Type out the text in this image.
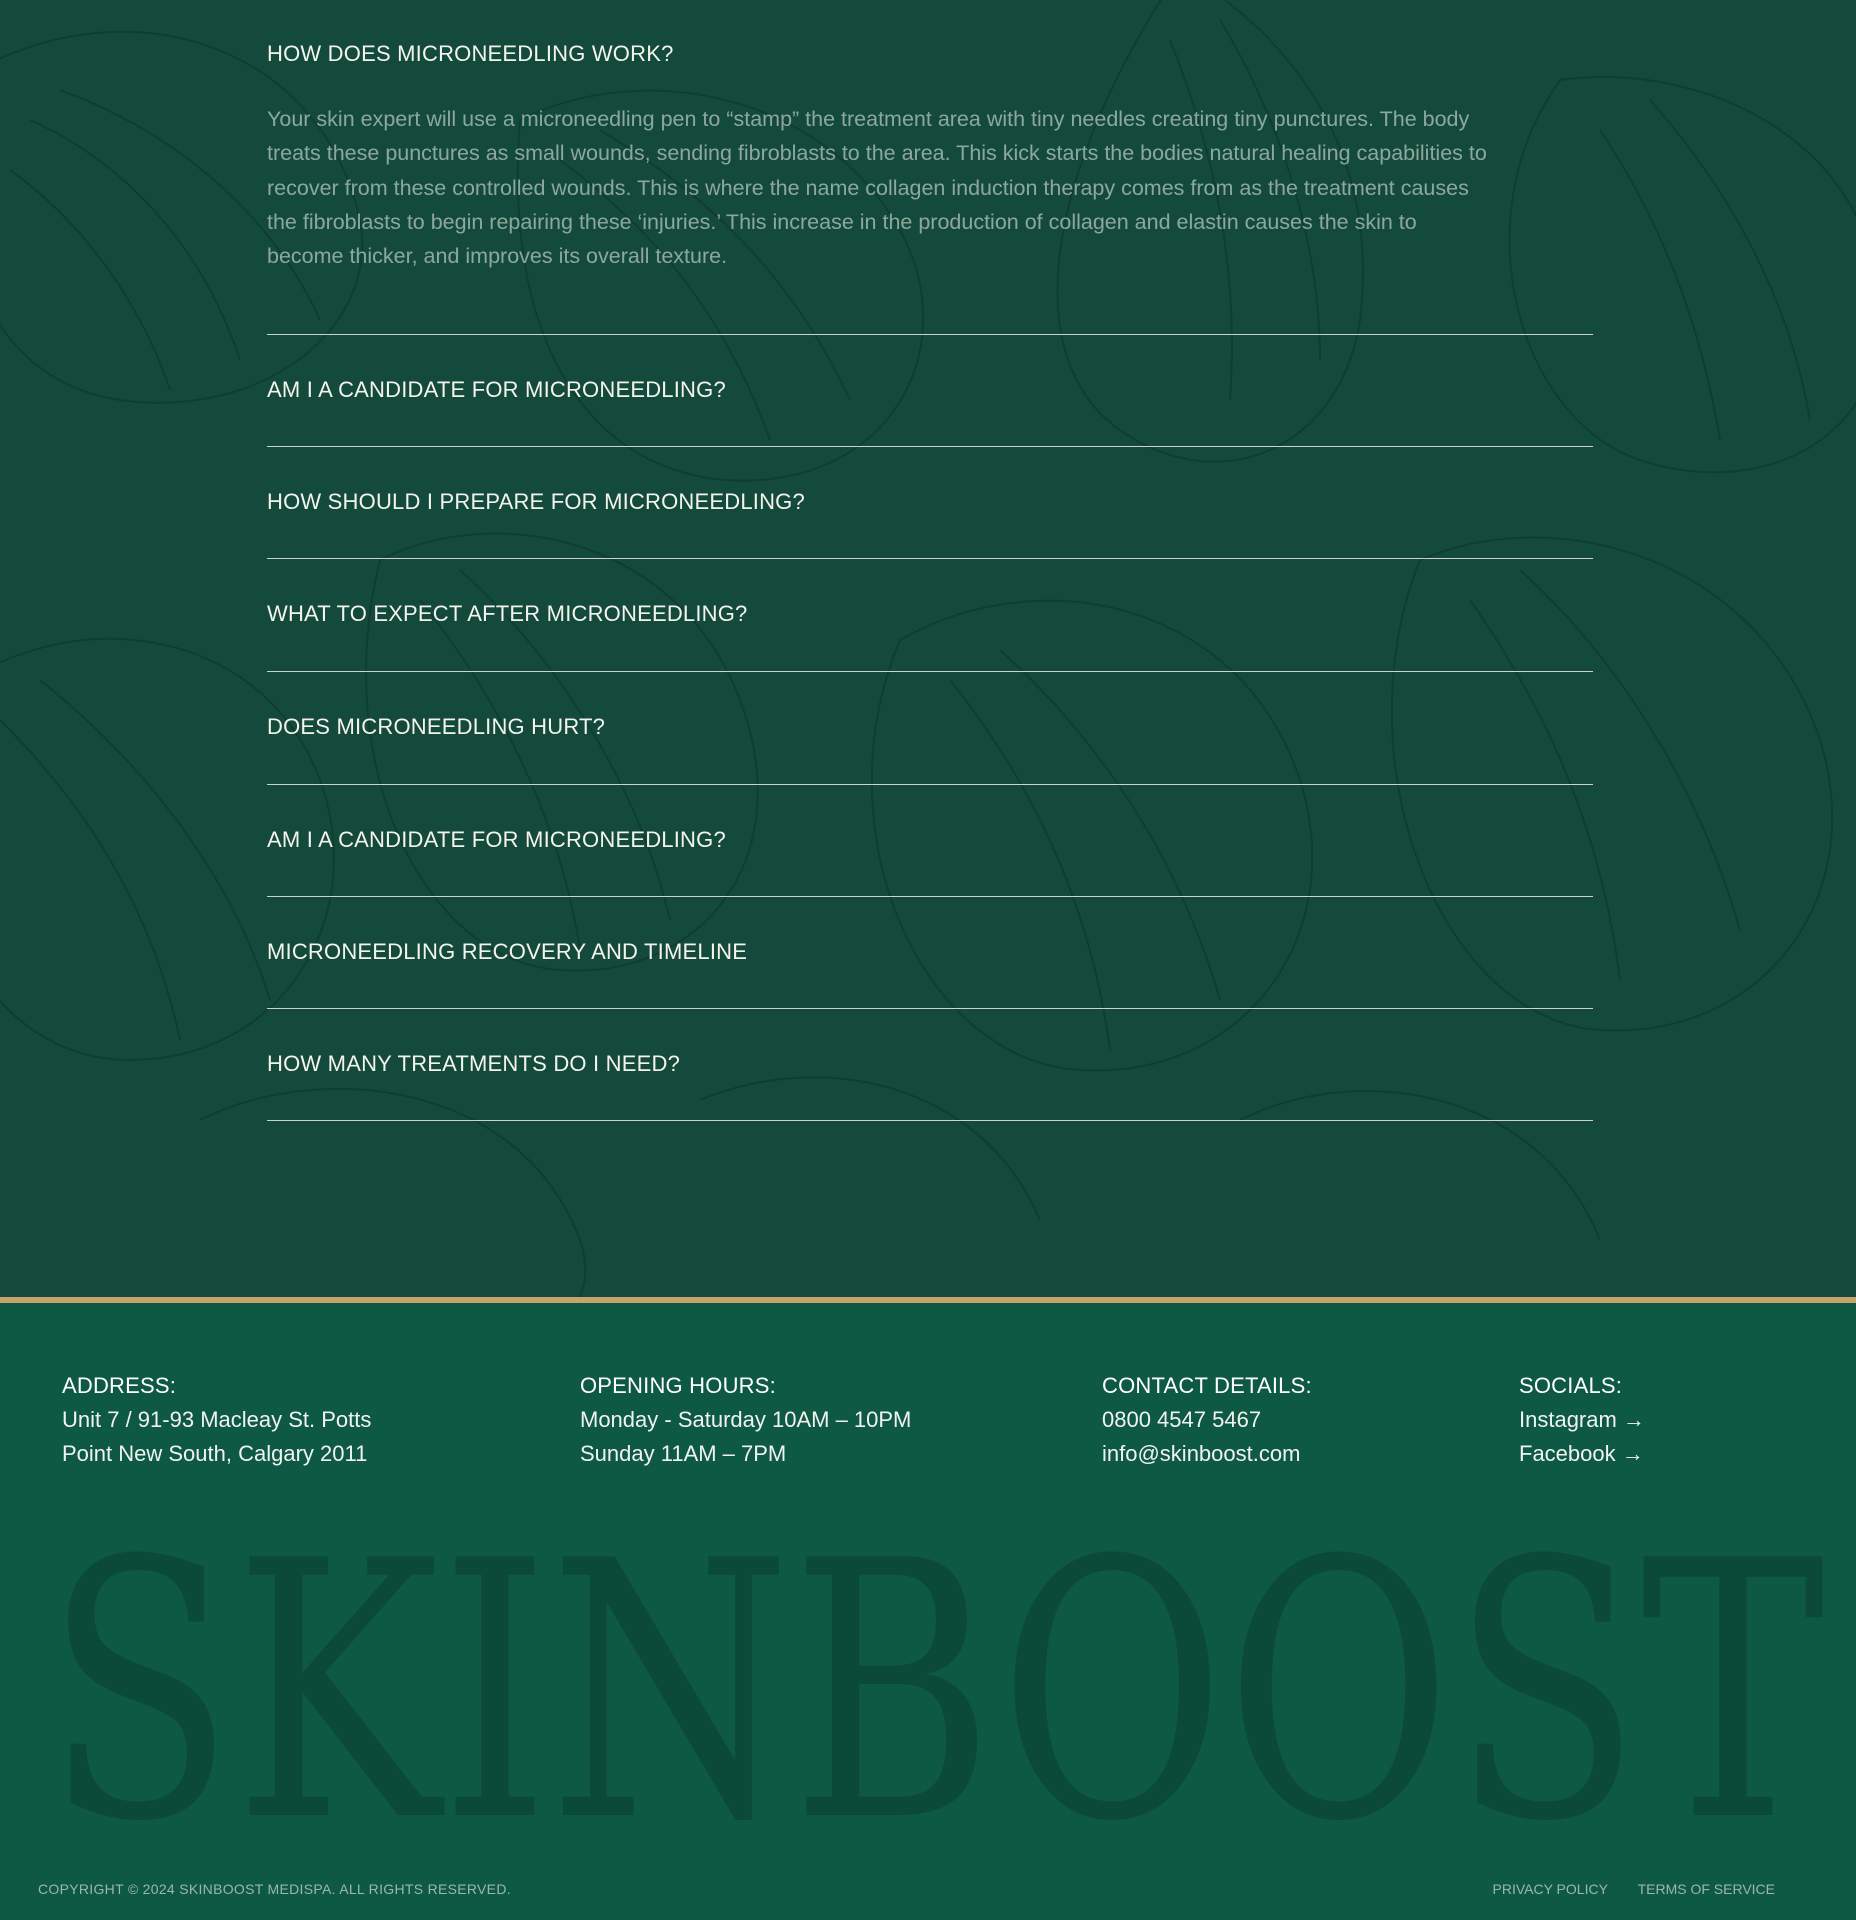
HOW DOES MICRONEEDLING WORK?

Your skin expert will use a microneedling pen to “stamp” the treatment area with tiny needles creating tiny punctures. The body treats these punctures as small wounds, sending fibroblasts to the area. This kick starts the bodies natural healing capabilities to recover from these controlled wounds. This is where the name collagen induction therapy comes from as the treatment causes the fibroblasts to begin repairing these ‘injuries.’ This increase in the production of collagen and elastin causes the skin to become thicker, and improves its overall texture.

AM I A CANDIDATE FOR MICRONEEDLING?
HOW SHOULD I PREPARE FOR MICRONEEDLING?
WHAT TO EXPECT AFTER MICRONEEDLING?
DOES MICRONEEDLING HURT?
AM I A CANDIDATE FOR MICRONEEDLING?
MICRONEEDLING RECOVERY AND TIMELINE
HOW MANY TREATMENTS DO I NEED?
ADDRESS:
Unit 7 / 91-93 Macleay St. Potts
Point New South, Calgary 2011
OPENING HOURS:
Monday - Saturday 10AM – 10PM
Sunday 11AM – 7PM
CONTACT DETAILS:
0800 4547 5467
info@skinboost.com
SOCIALS:
Instagram →
Facebook →
SKINBOOST
COPYRIGHT © 2024 SKINBOOST MEDISPA. ALL RIGHTS RESERVED.	PRIVACY POLICY TERMS OF SERVICE
